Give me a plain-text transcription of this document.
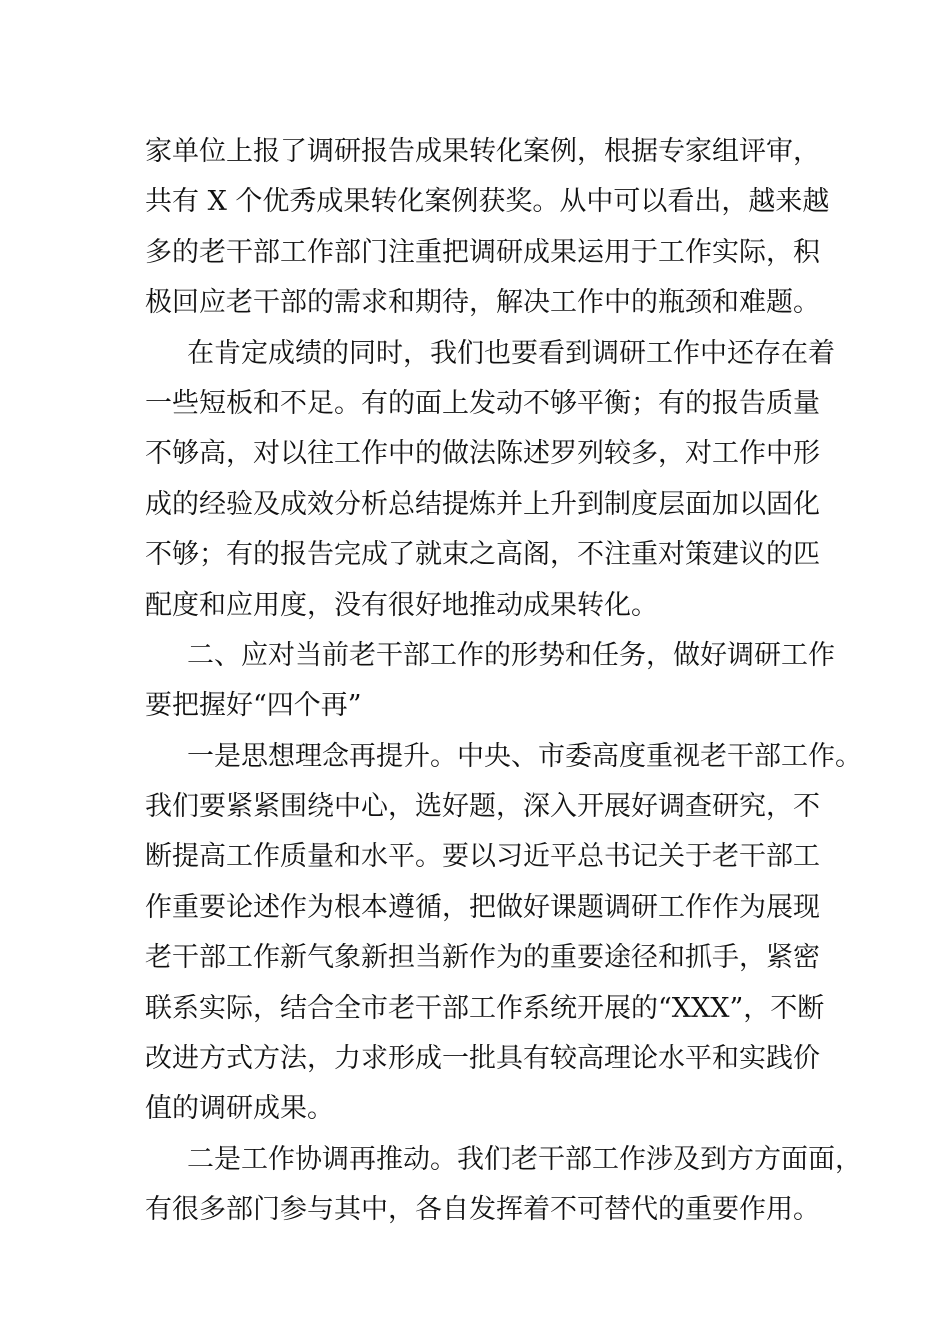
家单位上报了调研报告成果转化案例，根据专家组评审，
共有 X 个优秀成果转化案例获奖。从中可以看出，越来越
多的老干部工作部门注重把调研成果运用于工作实际，积
极回应老干部的需求和期待，解决工作中的瓶颈和难题。
在肯定成绩的同时，我们也要看到调研工作中还存在着
一些短板和不足。有的面上发动不够平衡；有的报告质量
不够高，对以往工作中的做法陈述罗列较多，对工作中形
成的经验及成效分析总结提炼并上升到制度层面加以固化
不够；有的报告完成了就束之高阁，不注重对策建议的匹
配度和应用度，没有很好地推动成果转化。
二、应对当前老干部工作的形势和任务，做好调研工作
要把握好“四个再”
一是思想理念再提升。中央、市委高度重视老干部工作。
我们要紧紧围绕中心，选好题，深入开展好调查研究，不
断提高工作质量和水平。要以习近平总书记关于老干部工
作重要论述作为根本遵循，把做好课题调研工作作为展现
老干部工作新气象新担当新作为的重要途径和抓手，紧密
联系实际，结合全市老干部工作系统开展的“XXX”，不断
改进方式方法，力求形成一批具有较高理论水平和实践价
值的调研成果。
二是工作协调再推动。我们老干部工作涉及到方方面面，
有很多部门参与其中，各自发挥着不可替代的重要作用。
